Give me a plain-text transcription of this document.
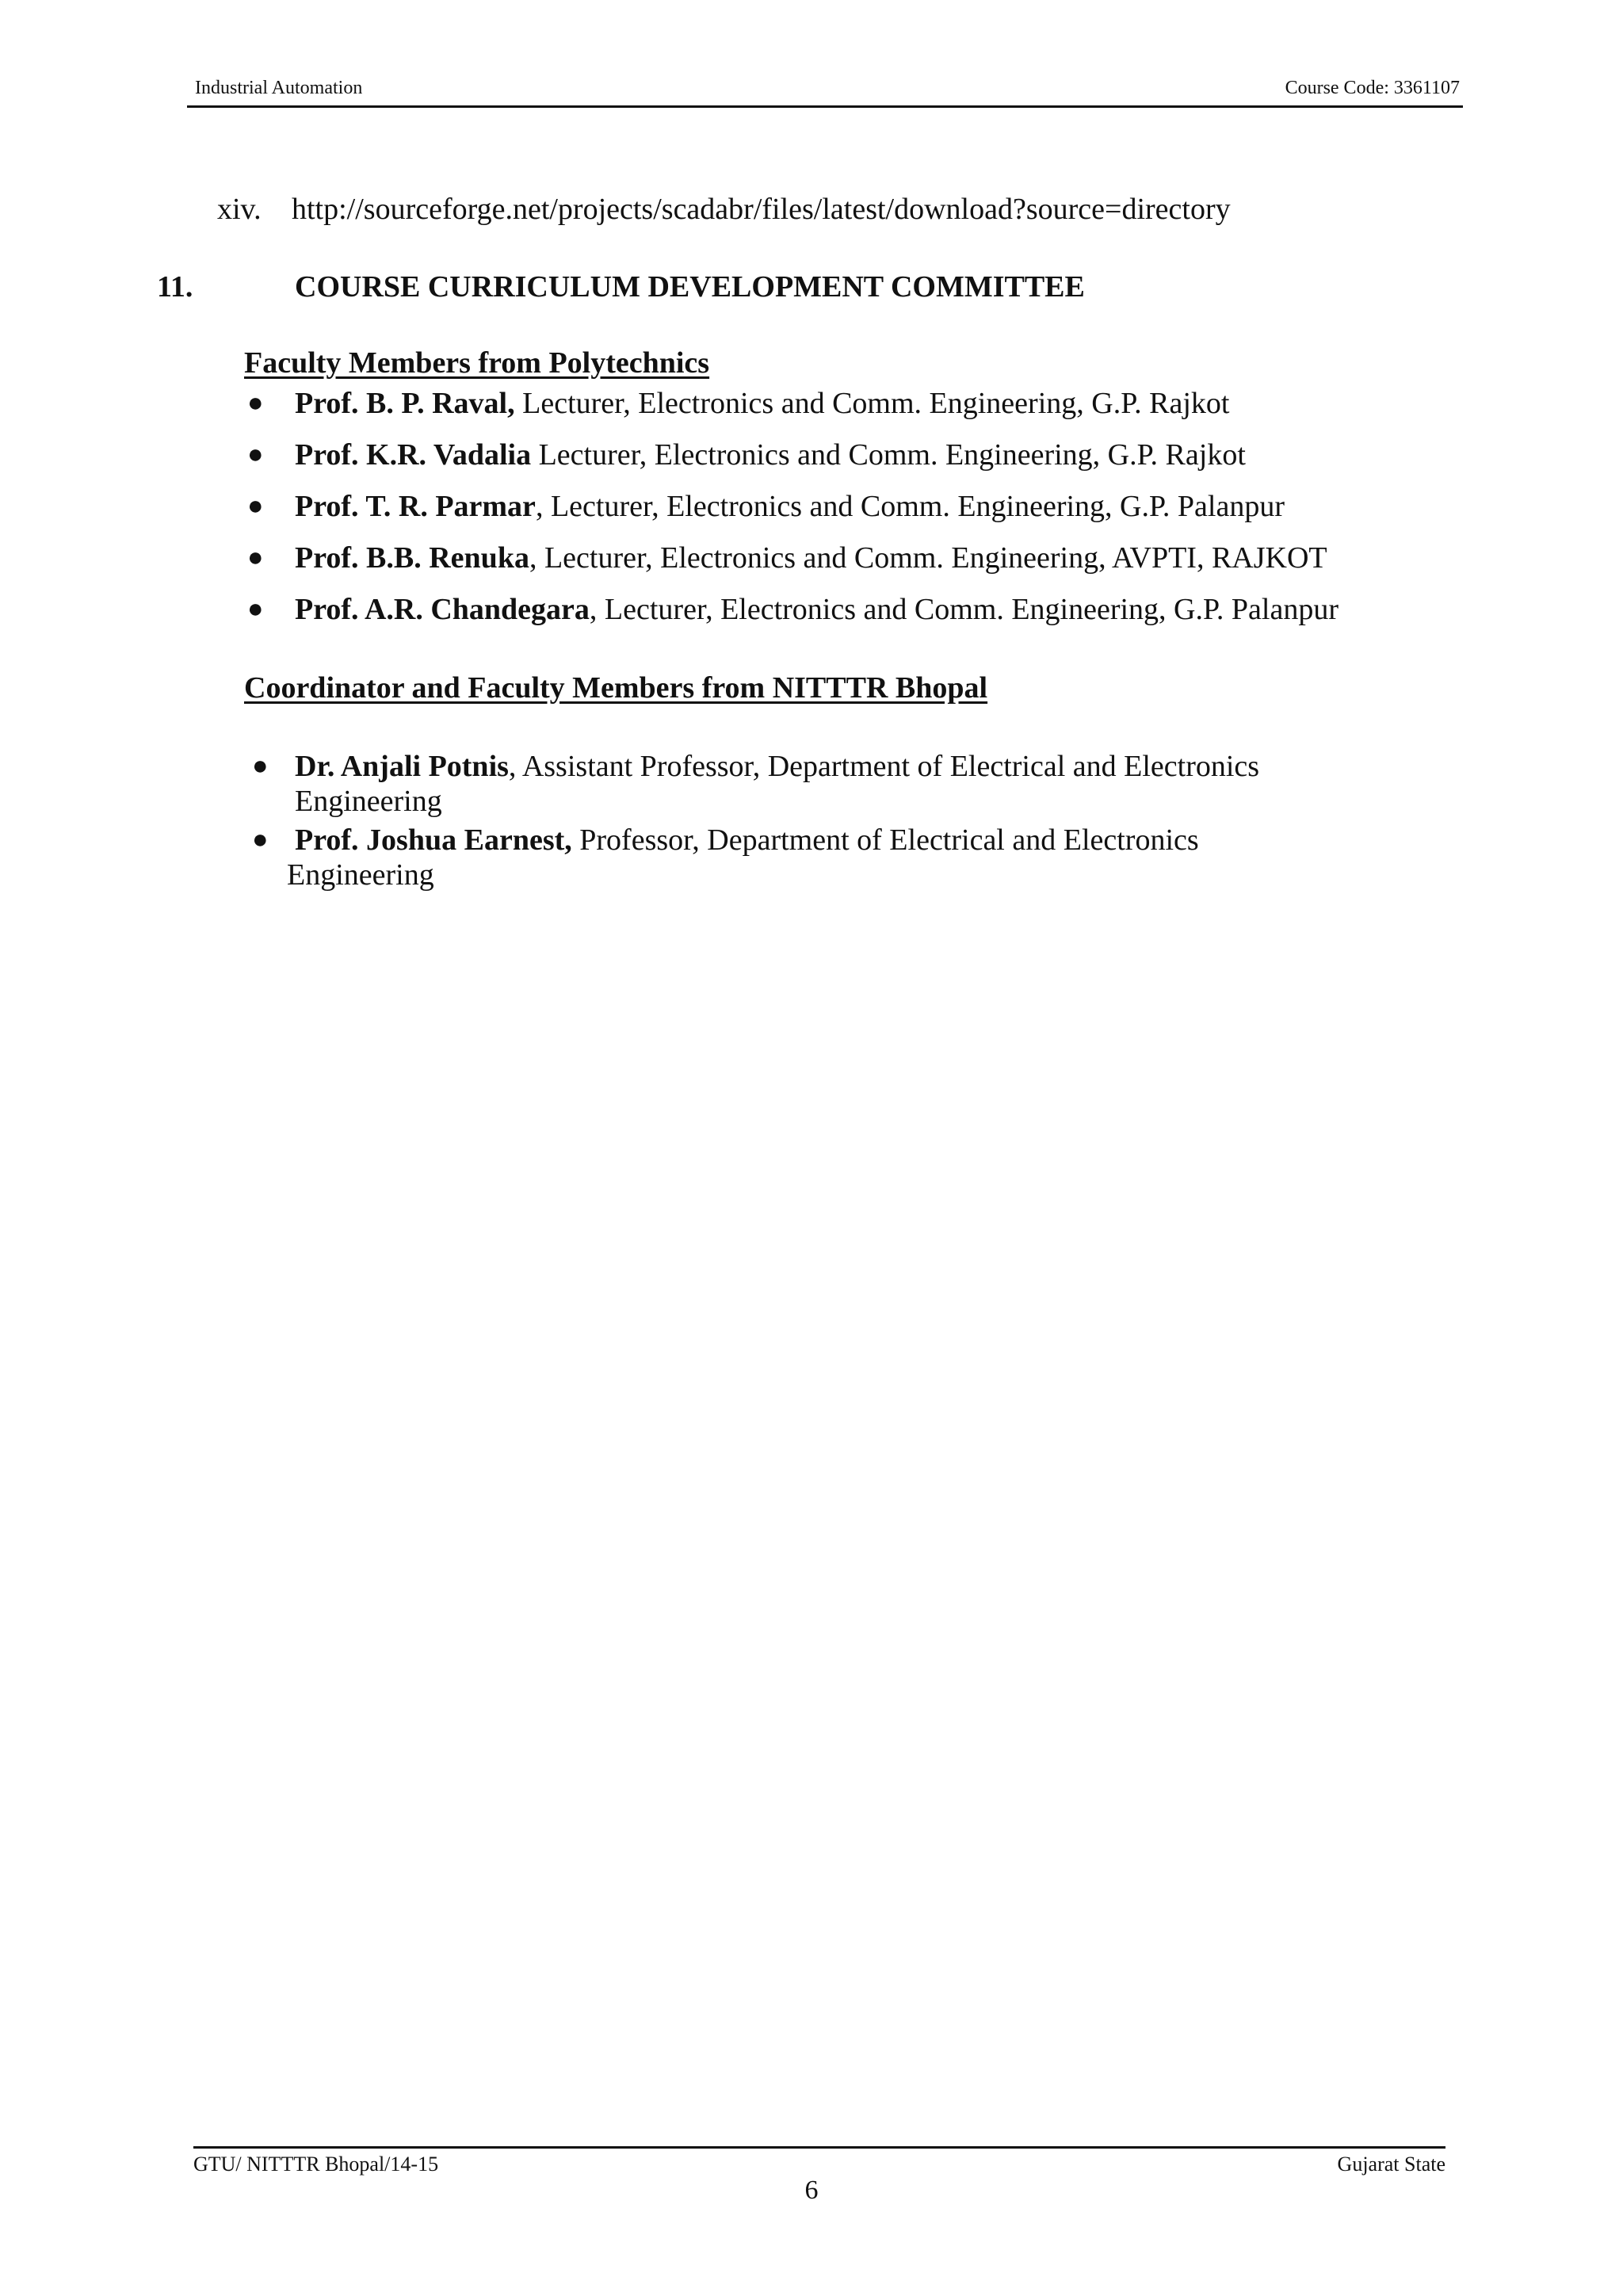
Industrial Automation	Course Code: 3361107
xiv. http://sourceforge.net/projects/scadabr/files/latest/download?source=directory
11.	COURSE CURRICULUM DEVELOPMENT COMMITTEE
Faculty Members from Polytechnics
● Prof. B. P. Raval, Lecturer, Electronics and Comm. Engineering, G.P. Rajkot
● Prof. K.R. Vadalia Lecturer, Electronics and Comm. Engineering, G.P. Rajkot
● Prof. T. R. Parmar, Lecturer, Electronics and Comm. Engineering, G.P. Palanpur
● Prof. B.B. Renuka, Lecturer, Electronics and Comm. Engineering, AVPTI, RAJKOT
● Prof. A.R. Chandegara, Lecturer, Electronics and Comm. Engineering, G.P. Palanpur
Coordinator and Faculty Members from NITTTR Bhopal
● Dr. Anjali Potnis, Assistant Professor, Department of Electrical and Electronics
Engineering
● Prof. Joshua Earnest, Professor, Department of Electrical and Electronics
Engineering
GTU/ NITTTR Bhopal/14-15	Gujarat State
6
